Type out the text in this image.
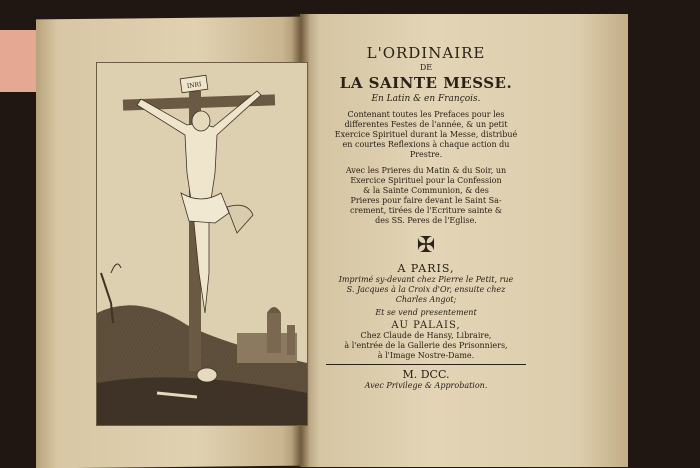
INRI
L'ORDINAIRE
DE
LA SAINTE MESSE.
En Latin & en François.
Contenant toutes les Prefaces pour les
differentes Festes de l'année, & un petit
Exercice Spirituel durant la Messe, distribué
en courtes Reflexions à chaque action du
Prestre.
Avec les Prieres du Matin & du Soir, un
Exercice Spirituel pour la Confession
& la Sainte Communion, & des
Prieres pour faire devant le Saint Sa-
crement, tirées de l'Ecriture sainte &
des SS. Peres de l'Eglise.
✠
A PARIS,
Imprimé sy-devant chez Pierre le Petit, rue
S. Jacques à la Croix d'Or, ensuite chez
Charles Angot;
Et se vend presentement
AU PALAIS,
Chez Claude de Hansy, Libraire,
à l'entrée de la Gallerie des Prisonniers,
à l'Image Nostre-Dame.
M. DCC.
Avec Privilege & Approbation.
